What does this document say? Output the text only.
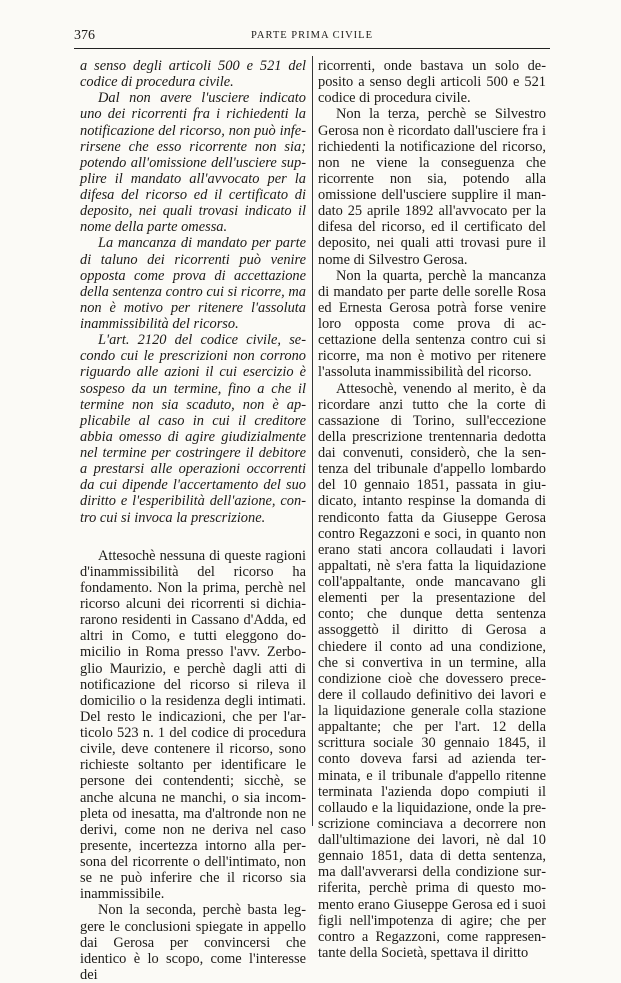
376	PARTE PRIMA CIVILE

a senso degli articoli 500 e 521 del codice di procedura civile.

Dal non avere l'usciere indicato uno dei ricorrenti fra i richiedenti la notificazione del ricorso, non può inferirsene che esso ricorrente non sia; potendo all'omissione dell'usciere supplire il mandato all'avvocato per la difesa del ricorso ed il certificato di deposito, nei quali trovasi indicato il nome della parte omessa.

La mancanza di mandato per parte di taluno dei ricorrenti può venire opposta come prova di accettazione della sentenza contro cui si ricorre, ma non è motivo per ritenere l'assoluta inammissibilità del ricorso.

L'art. 2120 del codice civile, secondo cui le prescrizioni non corrono riguardo alle azioni il cui esercizio è sospeso da un termine, fino a che il termine non sia scaduto, non è applicabile al caso in cui il creditore abbia omesso di agire giudizialmente nel termine per costringere il debitore a prestarsi alle operazioni occorrenti da cui dipende l'accertamento del suo diritto e l'esperibilità dell'azione, contro cui si invoca la prescrizione.

Attesochè nessuna di queste ragioni d'inammissibilità del ricorso ha fondamento. Non la prima, perchè nel ricorso alcuni dei ricorrenti si dichiararono residenti in Cassano d'Adda, ed altri in Como, e tutti eleggono domicilio in Roma presso l'avv. Zerboglio Maurizio, e perchè dagli atti di notificazione del ricorso si rileva il domicilio o la residenza degli intimati. Del resto le indicazioni, che per l'articolo 523 n. 1 del codice di procedura civile, deve contenere il ricorso, sono richieste soltanto per identificare le persone dei contendenti; sicchè, se anche alcuna ne manchi, o sia incompleta od inesatta, ma d'altronde non ne derivi, come non ne deriva nel caso presente, incertezza intorno alla persona del ricorrente o dell'intimato, non se ne può inferire che il ricorso sia inammissibile.

Non la seconda, perchè basta leggere le conclusioni spiegate in appello dai Gerosa per convincersi che identico è lo scopo, come l'interesse dei

ricorrenti, onde bastava un solo deposito a senso degli articoli 500 e 521 codice di procedura civile.

Non la terza, perchè se Silvestro Gerosa non è ricordato dall'usciere fra i richiedenti la notificazione del ricorso, non ne viene la conseguenza che ricorrente non sia, potendo alla omissione dell'usciere supplire il mandato 25 aprile 1892 all'avvocato per la difesa del ricorso, ed il certificato del deposito, nei quali atti trovasi pure il nome di Silvestro Gerosa.

Non la quarta, perchè la mancanza di mandato per parte delle sorelle Rosa ed Ernesta Gerosa potrà forse venire loro opposta come prova di accettazione della sentenza contro cui si ricorre, ma non è motivo per ritenere l'assoluta inammissibilità del ricorso.

Attesochè, venendo al merito, è da ricordare anzi tutto che la corte di cassazione di Torino, sull'eccezione della prescrizione trentennaria dedotta dai convenuti, considerò, che la sentenza del tribunale d'appello lombardo del 10 gennaio 1851, passata in giudicato, intanto respinse la domanda di rendiconto fatta da Giuseppe Gerosa contro Regazzoni e soci, in quanto non erano stati ancora collaudati i lavori appaltati, nè s'era fatta la liquidazione coll'appaltante, onde mancavano gli elementi per la presentazione del conto; che dunque detta sentenza assoggettò il diritto di Gerosa a chiedere il conto ad una condizione, che si convertiva in un termine, alla condizione cioè che dovessero precedere il collaudo definitivo dei lavori e la liquidazione generale colla stazione appaltante; che per l'art. 12 della scrittura sociale 30 gennaio 1845, il conto doveva farsi ad azienda terminata, e il tribunale d'appello ritenne terminata l'azienda dopo compiuti il collaudo e la liquidazione, onde la prescrizione cominciava a decorrere non dall'ultimazione dei lavori, nè dal 10 gennaio 1851, data di detta sentenza, ma dall'avverarsi della condizione surriferita, perchè prima di questo momento erano Giuseppe Gerosa ed i suoi figli nell'impotenza di agire; che per contro a Regazzoni, come rappresentante della Società, spettava il diritto
